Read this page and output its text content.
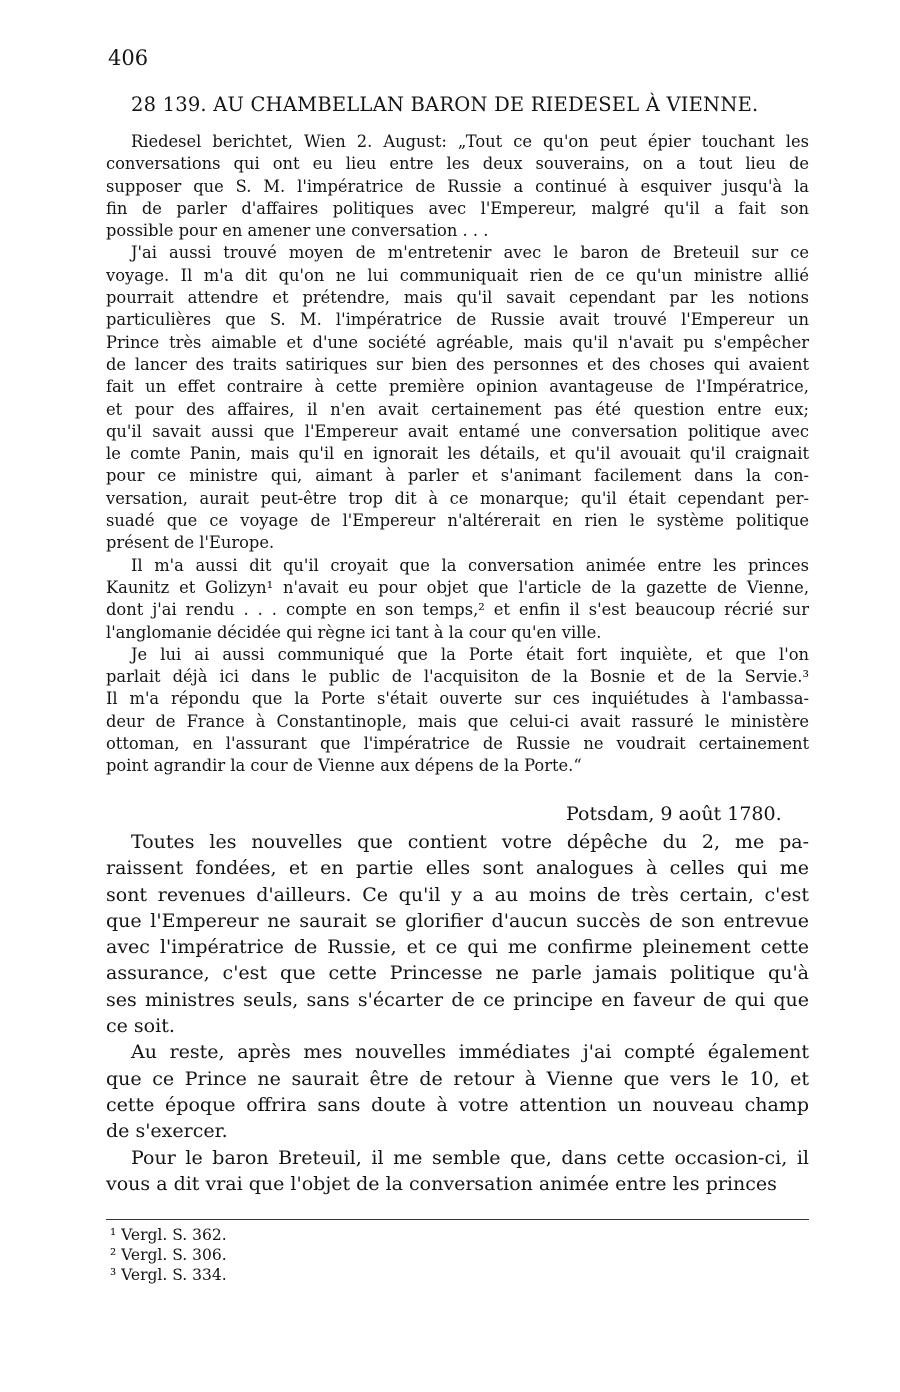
406
28 139. AU CHAMBELLAN BARON DE RIEDESEL À VIENNE.
Riedesel berichtet, Wien 2. August: „Tout ce qu'on peut épier touchant les
conversations qui ont eu lieu entre les deux souverains, on a tout lieu de
supposer que S. M. l'impératrice de Russie a continué à esquiver jusqu'à la
fin de parler d'affaires politiques avec l'Empereur, malgré qu'il a fait son
possible pour en amener une conversation . . .
J'ai aussi trouvé moyen de m'entretenir avec le baron de Breteuil sur ce
voyage. Il m'a dit qu'on ne lui communiquait rien de ce qu'un ministre allié
pourrait attendre et prétendre, mais qu'il savait cependant par les notions
particulières que S. M. l'impératrice de Russie avait trouvé l'Empereur un
Prince très aimable et d'une société agréable, mais qu'il n'avait pu s'empêcher
de lancer des traits satiriques sur bien des personnes et des choses qui avaient
fait un effet contraire à cette première opinion avantageuse de l'Impératrice,
et pour des affaires, il n'en avait certainement pas été question entre eux;
qu'il savait aussi que l'Empereur avait entamé une conversation politique avec
le comte Panin, mais qu'il en ignorait les détails, et qu'il avouait qu'il craignait
pour ce ministre qui, aimant à parler et s'animant facilement dans la con-
versation, aurait peut-être trop dit à ce monarque; qu'il était cependant per-
suadé que ce voyage de l'Empereur n'altérerait en rien le système politique
présent de l'Europe.
Il m'a aussi dit qu'il croyait que la conversation animée entre les princes
Kaunitz et Golizyn¹ n'avait eu pour objet que l'article de la gazette de Vienne,
dont j'ai rendu . . . compte en son temps,² et enfin il s'est beaucoup récrié sur
l'anglomanie décidée qui règne ici tant à la cour qu'en ville.
Je lui ai aussi communiqué que la Porte était fort inquiète, et que l'on
parlait déjà ici dans le public de l'acquisiton de la Bosnie et de la Servie.³
Il m'a répondu que la Porte s'était ouverte sur ces inquiétudes à l'ambassa-
deur de France à Constantinople, mais que celui-ci avait rassuré le ministère
ottoman, en l'assurant que l'impératrice de Russie ne voudrait certainement
point agrandir la cour de Vienne aux dépens de la Porte.“
Potsdam, 9 août 1780.
Toutes les nouvelles que contient votre dépêche du 2, me pa-
raissent fondées, et en partie elles sont analogues à celles qui me
sont revenues d'ailleurs. Ce qu'il y a au moins de très certain, c'est
que l'Empereur ne saurait se glorifier d'aucun succès de son entrevue
avec l'impératrice de Russie, et ce qui me confirme pleinement cette
assurance, c'est que cette Princesse ne parle jamais politique qu'à
ses ministres seuls, sans s'écarter de ce principe en faveur de qui que
ce soit.
Au reste, après mes nouvelles immédiates j'ai compté également
que ce Prince ne saurait être de retour à Vienne que vers le 10, et
cette époque offrira sans doute à votre attention un nouveau champ
de s'exercer.
Pour le baron Breteuil, il me semble que, dans cette occasion-ci, il
vous a dit vrai que l'objet de la conversation animée entre les princes
¹ Vergl. S. 362.
² Vergl. S. 306.
³ Vergl. S. 334.
